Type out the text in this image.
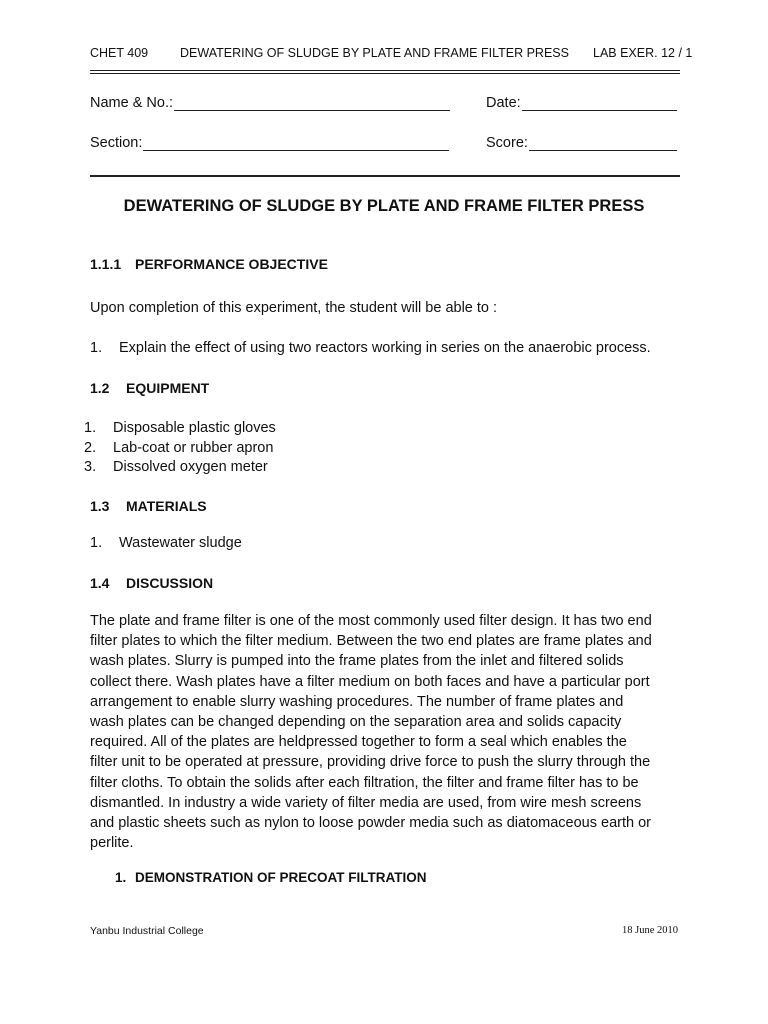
CHET 409	DEWATERING OF SLUDGE BY PLATE AND FRAME FILTER PRESS LAB EXER. 12 / 1
Name & No.:	Date:
Section:	Score:
DEWATERING OF SLUDGE BY PLATE AND FRAME FILTER PRESS
1.1.1 PERFORMANCE OBJECTIVE
Upon completion of this experiment, the student will be able to :
1. Explain the effect of using two reactors working in series on the anaerobic process.
1.2 EQUIPMENT
1. Disposable plastic gloves
2. Lab-coat or rubber apron
3. Dissolved oxygen meter
1.3 MATERIALS
1. Wastewater sludge
1.4 DISCUSSION
The plate and frame filter is one of the most commonly used filter design. It has two end
filter plates to which the filter medium. Between the two end plates are frame plates and
wash plates. Slurry is pumped into the frame plates from the inlet and filtered solids
collect there. Wash plates have a filter medium on both faces and have a particular port
arrangement to enable slurry washing procedures. The number of frame plates and
wash plates can be changed depending on the separation area and solids capacity
required. All of the plates are heldpressed together to form a seal which enables the
filter unit to be operated at pressure, providing drive force to push the slurry through the
filter cloths. To obtain the solids after each filtration, the filter and frame filter has to be
dismantled. In industry a wide variety of filter media are used, from wire mesh screens
and plastic sheets such as nylon to loose powder media such as diatomaceous earth or
perlite.
1. DEMONSTRATION OF PRECOAT FILTRATION
Yanbu Industrial College	18 June 2010
